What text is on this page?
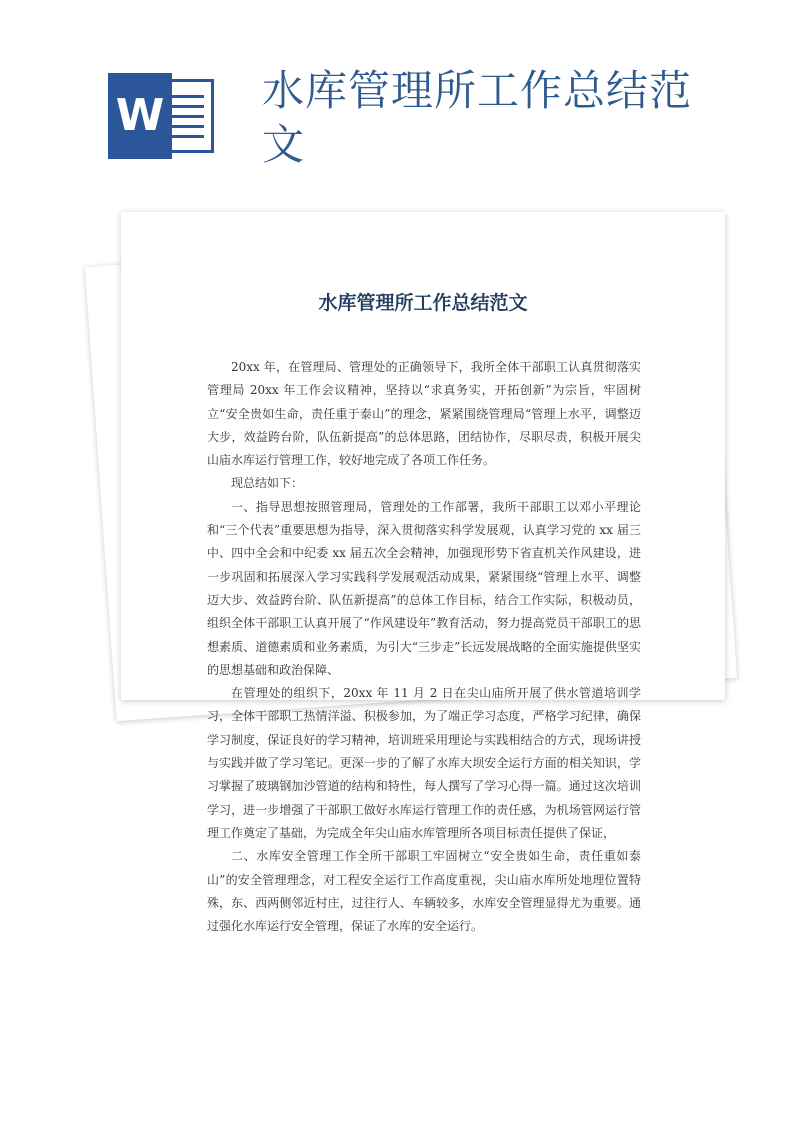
W 水库管理所工作总结范文
水库管理所工作总结范文

20xx 年，在管理局、管理处的正确领导下，我所全体干部职工认真贯彻落实管理局 20xx 年工作会议精神，坚持以“求真务实，开拓创新”为宗旨，牢固树立“安全贵如生命，责任重于泰山”的理念，紧紧围绕管理局“管理上水平，调整迈大步，效益跨台阶，队伍新提高”的总体思路，团结协作，尽职尽责，积极开展尖山庙水库运行管理工作，较好地完成了各项工作任务。

现总结如下：

一、指导思想按照管理局，管理处的工作部署，我所干部职工以邓小平理论和“三个代表”重要思想为指导，深入贯彻落实科学发展观，认真学习党的 xx 届三中、四中全会和中纪委 xx 届五次全会精神，加强现形势下省直机关作风建设，进一步巩固和拓展深入学习实践科学发展观活动成果，紧紧围绕“管理上水平、调整迈大步、效益跨台阶、队伍新提高”的总体工作目标，结合工作实际，积极动员，组织全体干部职工认真开展了“作风建设年”教育活动，努力提高党员干部职工的思想素质、道德素质和业务素质，为引大“三步走”长远发展战略的全面实施提供坚实的思想基础和政治保障、

在管理处的组织下，20xx 年 11 月 2 日在尖山庙所开展了供水管道培训学习，全体干部职工热情洋溢、积极参加，为了端正学习态度，严格学习纪律，确保学习制度，保证良好的学习精神，培训班采用理论与实践相结合的方式，现场讲授与实践并做了学习笔记。更深一步的了解了水库大坝安全运行方面的相关知识，学习掌握了玻璃钢加沙管道的结构和特性，每人撰写了学习心得一篇。通过这次培训学习，进一步增强了干部职工做好水库运行管理工作的责任感，为机场管网运行管理工作奠定了基础，为完成全年尖山庙水库管理所各项目标责任提供了保证，

二、水库安全管理工作全所干部职工牢固树立“安全贵如生命，责任重如泰山”的安全管理理念，对工程安全运行工作高度重视，尖山庙水库所处地理位置特殊，东、西两侧邻近村庄，过往行人、车辆较多，水库安全管理显得尤为重要。通过强化水库运行安全管理，保证了水库的安全运行。
